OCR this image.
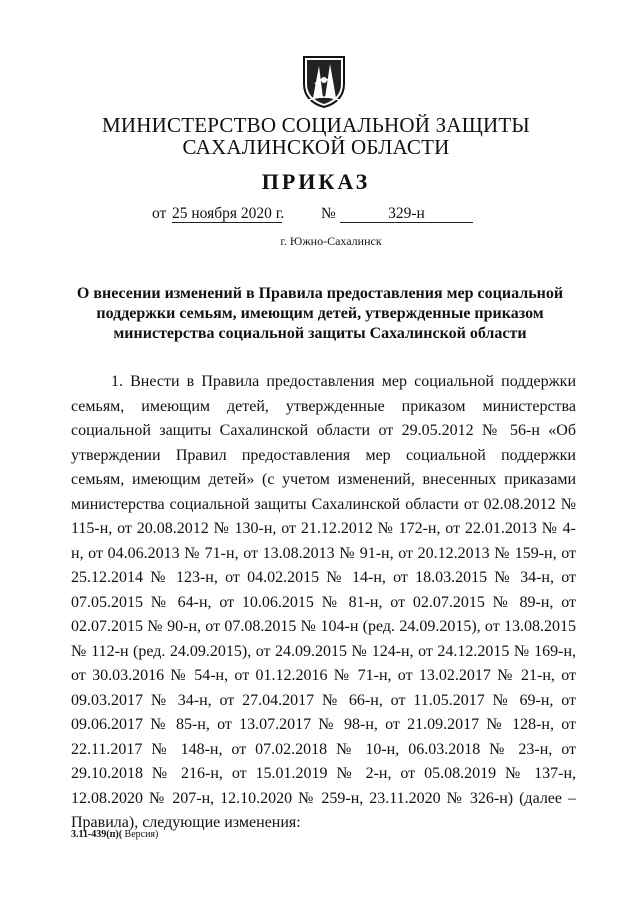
МИНИСТЕРСТВО СОЦИАЛЬНОЙ ЗАЩИТЫ
САХАЛИНСКОЙ ОБЛАСТИ
ПРИКАЗ
от 25 ноября 2020 г. №	329-н
г. Южно-Сахалинск
О внесении изменений в Правила предоставления мер социальной поддержки семьям, имеющим детей, утвержденные приказом министерства социальной защиты Сахалинской области

1. Внести в Правила предоставления мер социальной поддержки семьям, имеющим детей, утвержденные приказом министерства социальной защиты Сахалинской области от 29.05.2012 № 56-н «Об утверждении Правил предоставления мер социальной поддержки семьям, имеющим детей» (с учетом изменений, внесенных приказами министерства социальной защиты Сахалинской области от 02.08.2012 № 115-н, от 20.08.2012 № 130-н, от 21.12.2012 № 172-н, от 22.01.2013 № 4-н, от 04.06.2013 № 71-н, от 13.08.2013 № 91-н, от 20.12.2013 № 159-н, от 25.12.2014 № 123-н, от 04.02.2015 № 14-н, от 18.03.2015 № 34-н, от 07.05.2015 № 64-н, от 10.06.2015 № 81-н, от 02.07.2015 № 89-н, от 02.07.2015 № 90-н, от 07.08.2015 № 104-н (ред. 24.09.2015), от 13.08.2015 № 112-н (ред. 24.09.2015), от 24.09.2015 № 124-н, от 24.12.2015 № 169-н, от 30.03.2016 № 54-н, от 01.12.2016 № 71-н, от 13.02.2017 № 21-н, от 09.03.2017 № 34-н, от 27.04.2017 № 66-н, от 11.05.2017 № 69-н, от 09.06.2017 № 85-н, от 13.07.2017 № 98-н, от 21.09.2017 № 128-н, от 22.11.2017 № 148-н, от 07.02.2018 № 10-н, 06.03.2018 № 23-н, от 29.10.2018 № 216-н, от 15.01.2019 № 2-н, от 05.08.2019 № 137-н, 12.08.2020 № 207-н, 12.10.2020 № 259-н, 23.11.2020 № 326-н) (далее – Правила), следующие изменения:

3.11-439(п)( Версия)
